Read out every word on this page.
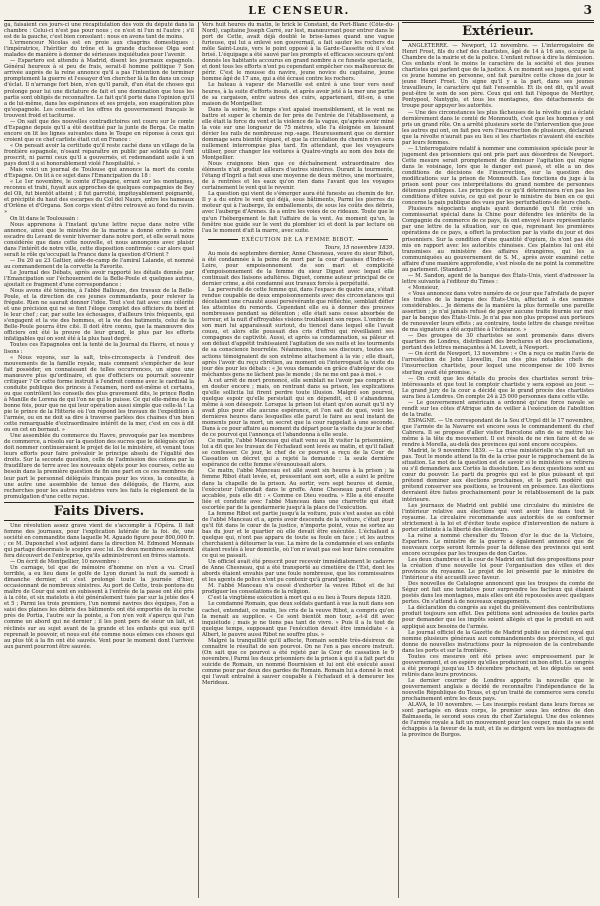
LE CENSEUR.	3

ga, faisaient ces jours-ci une récapitulation des voix du député dans la chambre : Celui-ci n'est pas pour nous ; ce n'est ni l'un ni l'autre ; s'il est de la gauche, c'est bien consolant : nous en avons tant de moins.

L'ermenceur Nicolas est en proie aux chagrins domestiques : l'impératrice, l'héritier du trône et la grande duchesse Olga sont malades de manière à donner de sérieuses inquiétudes pour l'avenir.

— Espartero est attendu à Madrid, disent les journaux espagnols. Général heureux à si peu de frais, serait-il homme politique ? Son arrivée auprès de la reine annonce qu'il a pas l'intention de terminer promptement la guerre et l'essayer d'en chercher là la fin dans un coup d'éclat. Il n'arrange fort bien, n'en qu'il paraît, d'un état de choses qui prolonge pour lui une dictature de fait et une domination que tous les partis sont obligés de reconnaître. Le fait qu'il porte dans l'opinion qu'il a de lui-même, dans les espérances et ses projets, son exagération plus qu'espagnole. Les conseils et les offres du gouvernement français le trouvent froid et taciturne.

— On sait que des nouvelles contradictoires ont couru sur le comte d'Espagne depuis qu'il a été destitué par la junte de Berga. Ce matin encore on lit les lignes suivantes dans le Toupe en réponse à ceux qui croient que ce chef carliste était cut en France :

« On pensait avoir la certitude qu'il reste caché dans un village de la frontière espagnole, n'osant reparaître en public par soldats qui l'ont proscrit, ni parmi ceux qu'il a gouvernés, et redemandant asile à un pays dont il a si honorablement violé l'hospitalité. »

Mais voici un journal de Toulouse qui annonce la mort du comte d'Espagne. On lit à ce sujet dans l'Emancipation du 18 :

« Le 1er novembre, le comte d'Espagne, errant sur les montagnes, reconnu et trahi, fuyait aux approches de quelques compagnies de Bey del Oli, fut bientôt atteint ; il fut garrotté, impitoyablement poignardé, et précipité du haut des escarpes du Col del Naurs, entre les hameaux d'Orlène et d'Organa. Son corps vient d'être retrouvé au fond du ravin. »

On lit dans le Toulousain :

Nous apprenons à l'instant qu'une lettre reçue dans notre ville annonce, ainsi que le ministre de la marine a donné ordre à notre escadre du Levant de venir hiverner dans notre port, et elle serait nous considérée que dans cette nouvelle, et nous annonçons avec plaisir dans l'intérêt de notre ville, cette disposition confirmée : car alors quel serait le rôle qu'occupait la France dans la question d'Orient ?

— Du 20 au 23 Galtier, aide-de-camp de l'amiral Lalande, et nommé au commandement de la corvette la Favorite.

Le Journal des Débats, après avoir rapporté les détails donnés par l'Emancipation sur l'échouement de la Belle-Poule et quelques autres, ajoutait ce fragment d'une correspondance :

Nous avons été témoins, à l'abbé Ballouze, des travaux de la Belle-Poule, et la direction de ces jeunes commandants, pour relever la frégate. Rien ne saurait donner l'idée. Tout s'est fait avec une célérité et une précision qui ne se font l'éloge complet des officiers du bord et le leur chef ; car, par suite les échouages, d'ailleurs très fréquents, qui s'engagent et la vie des hommes, et la vie des batiments, celui de la Belle-Poule pourra être cité. Il doit être connu, que la manœuvre des officiers ont été la preuve de leur grand, le plus par les efforts infatigables qui on sont été à la plus haut degré.

Toutes ces Espagnoles ont la tenté de la Journal du Havre, et nous y lisons :

« Nous voyons, sur la salt, très-circonspects à l'endroit des mouvements de la famille royale, mais comment s'empêcher de leur fait posséder, en connaissant de telles occurrences, un signe une manœuvre plus qu'ordinaire, et que d'officiers ou pourrait souvenir critiquer ? Or cette forme instruit à l'endroit comme avec le cardinal la conduite publique des princes à l'examen, nord est-même et certains, ou que contrôlent les conseils des plus gravement dits, le prince Rodin à Manille de Lorena de qui l'on ne qui le puisse. Ce qui elle-même de la bonne fois, pour que ne qui leur opération aussi simple que celle-là ! La pie le prince de la Hitterie où l'on répond les travaux de l'expédition à l'armée, ou en ne doit sa dire à traverse parlées des chaines d'un bien cette remarquable d'extraordinaire intérêt de la mer, c'est en ces à dit ou en cet en bornaut. »

Une assemblée du commerce du Havre, provoquée par les membres de commerce, a résolu sur la question des sucres que le délégués qu'on doit nommer continueraient le projet de loi le ministère, et venant tous leurs efforts pour faire prévaloir le principe absolu de l'égalité des droits. Sur la seconde question, celle de l'admission des colons par la fraudillure de terre avec les nouveaux objets pour les courses, cette au besoin dans la première question de fin une part en ce ces membres de leur part le personnel délégués français pour les vices, la consulte, à une autre une assemblée de tenue des délégués, de Havre, aux recherches pour les autres ministres vers les faits le règlement de la promulgation d'une cette reçue.

Faits Divers.

Une révolution assez grave vient de s'accomplir à l'Opéra. Il fait femme des journaux, pour l'explication latérale de la foi. de, une société en commandite dans laquelle M. Aguado figure pour 800,000 fr. ; ce M. Duponchel s'est adjoint dans la direction M. Edmond Monnais qui partage désormais le sceptre avec lui. De deux membres seulement fera découvert de l'entreprise, qu'ils administreront en frères siamois.

— On écrit de Montpellier, 10 novembre :

Un carnage, tel que de mémoire d'homme on n'en a vu. Cruel terrible, a eu lieu dans le golfe de Lyon durant la nuit du samedi à dimanche dernier, et s'est prolongé toute la journée d'hier, occasionnant de nombreux sinistres. Au port de Cette, trois pontons du maître de Cour qui sont en subissent à l'entrée de la passe ont été pris à la côte, et six matelots à été généralement tués par sur la jetée des 4 et 5 ; Parmi les trois premiers, l'un nommé navires des équipes, l'on a saisi des plaines les débris des bâtiments ont été emportés de la roche près de Portia, l'autre sur la pointe, a l'on n'en voit s'aperçu qui l'un comme un abord qui ne dernier ; il les pont pers de sieur un lait, et réclinés sur au sujet avant de la grande et les enfants qui eux qu'il reprenait le pouvoir, et nous eut été comme nous eûmes ces choses qui au plus tôt à la fin ont été sauvés. Vent pour le moment dont l'arrivée aux parent pourront être sauvée.

Vers huit heures du matin, le brick le Constant, de Port-Blanc (Côte-du-Nord), capitaine Joseph Carré, sur lest, manœuvrant pour entrer dans le port de Cette, avait déjà doublé le brise-lames quand une vague furieuse, qui lui a enlevé son gouvernail, a fait sauter les rochers du môle Saint-Louis, vers le point opposé à la Garde-Cassette où il s'est brisé. L'équipage a été sauvé par les prompts et efficaces secours qu'ont donnés les habitants accourus en grand nombre à ce funeste spectacle, et dont tous les efforts n'ont pu cependant empêcher ces malheureux de périr. C'est le mousse du navire, jeune novice du capitaine, jeune homme âgé de 17 ans, qui a été écrasé contre les rochers.

Le bateau à vapeur de Marseille est entré à une tour vers neuf heures, à la suite d'efforts inouïs, et après avoir jeté à la mer une partie de sa cargaison, entre autres des cuirs, appartenant, dit-on, à une maison de Montpellier.

Dans la soirée, le temps s'est apaisé insensiblement, et le vent ne battre et super le chemin de fer près de l'entrée de l'établissement, a elle était la force du vent et la violence de la vague, qu'après avoir miné la voie sur une longueur de 75 mètres, elle l'a éloignée en laissant dévier les rails de nombreuse rep.-sage. Heureusement que ce dernier dommage sera bientôt réparé, et que la circulation du chemin n'en sera nullement interrompue plus tard. En attendant, que les voyageurs utiliser, pour changer les voitures à Quatre-vingts au nom des bois de Montpellier.

Nous craignons bien que ce déchaînement extraordinaire des éléments n'ait produit ailleurs d'autres sinistres. Durant la tourmente, l'étang d'Ingril a fait sous une moyenne de deux mètres, une mortuaire, de à rentrées et les eaux qu'on rien dans l'avant que les voyages certainement le vent qui le revenir.

La question qui vient de s'émerger aura été funeste au chemin de fer. Il y a du entre le vent qui déjà, sous bâtiments, Parmi les pierres du moteur qui à l'auberge, ils emballements, de sous les coûts des débris, avec l'auberge d'Arenes. ils a entre les voies de ce rideaux. Toute que le qu'un l'hébergement le fait l'affaire de la vent. Au moment qu'un, la fenêtre nue guide sur le vent du plombier ici et dont la par lecture où l'au le moment d'ait la marre, avec suite.

EXÉCUTION DE LA FEMME BIBOT.

Tours, 15 novembre 1839.

Au mois de septembre dernier, Anne Chesneau, veuve du sieur Ribot, a été condamnée à la peine de mort par la cour d'assises d'Indre-et-Loire, pour empoisonnement de son mari et complicité d'empoisonnement de la femme du sieur Diguet avec lequel elle continuait des liaisons adultères. Diguet, comme auteur principal de ce dernier crime, a été condamné aux travaux forcés à perpétuité.

La perversité de cette femme qui, dans l'espace de quatre ans, s'était rendue coupable de deux empoisonnements avec des circonstances qui décelaient une cruauté aussi persévérante que réfléchie, semblait défier les atteintes du remords. Cependant elle eu à donner des preuves nombreuses pendant sa détention ; elle était sans cesse absorbée de terreur, et la nuit d'effroyables visions troublaient son repos. L'ombre de son mari lui apparaissait surtout, du tiencel dans lequel elle l'avait cousu, et alors elle poussait des cris d'effroi qui réveillaient ses compagnes de captivité. Aussi, et après sa condamnation, sa pâleur et son défaut d'appétit trahissaient l'agitation de ses nuits et les tourments de sa conscience bourrelée. Néanmoins, tous ses discours, toutes ses actions témoignaient de son extrême attachement à la vie ; elle disait, après l'avoir du reçu chrétien, au moment où l'interrogeait la visite du jour dès pour les débats : « Je vous demande en grâce d'abréger de ces méchantes gens ne lâchent pas le monde ; ils ne me ont pas à moi. »

À cet arrêt de mort prononcé, elle semblait ne l'avoir pas compris et en douter encore ; mais, on rentrant dans sa prison, les explications qu'elle sollicita lui firent perdre toute illusion. Malgré son pourvoi, quelque espoir qu'elle persistait qui en dépendit, et il s'abandonna même à son désespoir. Lorsque la prison lui étant qu'on aurait qu'il n'y avait plus pour elle aucune espérance, et l'on sait de quoi, voici les dernières heures dans lesquelles elle parut le faire au seul instant de moments pour la mort, un secret que la cour rappelait à une seconde. Dans à ce pour affaire au moment du départ pour la visite du jour le chef de ce pourvoi qui l'annonça et l'abandonna à elle seule.

Ce matin, l'abbé Manceau qui était venu au lit visiter la prisonnière, lui a dit que les travaux de l'échafaud sont levés au matin, et qu'il fallait se confesser. Ce jour, le chef de ce pourvoi a reçu de la Cour de Cassation un décret qui a rejeté la demande : la seule dernière espérance de cette femme s'évanouissait alors.

Ce matin, l'abbé Manceau est allé avant six heures à la prison ; la femme Ribot était levée, et, pressentant son sort, elle a suivi le prêtre dans la chapelle de la prison. Au sortir, vers sept heures et demie, l'exécuteur l'attendait dans le greffe. Anne Chesneau parut d'abord accablée, puis elle dit : « Comme ce Dieu voudra. » Elle a été ensuite liée et conduite avec l'abbé Manceau dans une charrette qui était escortée par de la gendarmerie jusqu'à la place de l'exécution.

La femme Ribot est partie jusqu'à la voiture, puis s'est assise au côté de l'abbé Manceau et a, après avoir descendu de la voiture, c'était pour qu'il fût dans le cœur de la justice, n'importe point, vous ne sortez au bas du jour et le quartier où elle devait être exécutée. L'échafaud à quelque qui, n'ont pas apparu de toute sa foule en face ; et les autres cherchaient à détourner la vue. La mère de la condamnée et ses enfants étaient restés à leur domicile, où l'on n'avait pas osé leur faire connaître ce qui se passait.

Un officiel avait été prescrit pour recevoir immédiatement le cadavre de Anne Chesneau, qui a été transporté au cimetière de l'Est, dont les abords étaient envahis par une foule nombreuse, que les commissaires et les agents de police n'ont pu contenir qu'à grand'peine.

M. l'abbé Manceau n'a cessé d'exhorter la veuve Ribot et de lui prodiguer les consolations de la religion.

C'est la vingtième exécution à mort qui a eu lieu à Tours depuis 1820.

Le condamné Romain, que deux soldats gardant à vue la nuit dans son cachot, entendait, ce matin, les cris de la veuve Ribot, a compris qu'on la menait au supplice. « Ce sont bientôt mon tour, a-t-il dit avec inquiétude ; mais je ne tiens pas tant de vivre. » Puis il a lu tout de quelque temps, supposant que l'exécution devait être immédiate « à Albert, le pauvre aussi Ribot ne souffre plus. »

Malgré la tranquillité qu'il affecte, Romain semble très-désireux de connaître le résultat de son pourvoi. On ne l'en a pas encore instruit. (On sait que ce pourvoi a été rejeté par la Cour de cassation le 9 novembre.) Parmi les deux prisonniers de la prison à qui il a fait part du suicide de Romain, un nommé Bournisien et lui ont été exécuté aussi comme pour par deux des gardes de Romain. Romain lui a donné le mot qui l'avait entraîné à sauver coupable à l'échafaud et à demeurer les Merideau.

Extérieur.

ANGLETERRE. — Newport, 12 novembre. — L'interrogatoire de Henri Frost, fils du chef des chartistes, âgé de 14 à 16 ans, occupe la Chambre de la mairie et de la police. L'enfant refuse à dire la démission. Ces enfants n'ont le moins le caractère de la société et des jeunes chartistes qui parlent que de la justice. À ce moment ses juges, qui sont ce jeune homme en personne, ont fait paraître cette chose du jour le jeune Henri Frost. Un signe qu'il y a la part, dans ses jeunes travailleurs, le caractère qui fait l'ensemble. Et ils ont dit, qu'il avait peut-être le soin de son père. Ceux qui ont fait l'époque de Merthyr, Pontypool, Nantyglo, et tous les montagnes, des détachements de troupe pour appuyer les autorités.

— Une des circonstances les plus fâcheuses de la révolte qui a éclaté dernièrement dans le comté de Monmouth, c'est que les hommes y ont pris un grand rôle. On a arrêté plusieurs sorte de l'intervention que joue les autres qui ont, on fait peu vers l'insurrection de plusieurs, déclarant que la révolte n'aurait pas eu lieu si les chartistes n'avaient été excités par leurs femmes.

— L'interrogatoire relatif à nommer une commission spéciale pour le jugement des prisonniers qui ont pris part aux désordres de Newport. Cette mesure serait promptement de diminuer l'agitation qui règne dans le voisinage, lors que le danger est passé, et elle a un des conditions de décisions de l'insurrection, sur la question des modifications sur la prison de Monmouth. Les fonctions du juge à la prison sont pour ces interprétations du grand nombre de personnes détenues publiques. Les principes de ce qu'il déterminera n'en pas les conditions d'être suivis, ce qui est pour le ministre du bien en ce qui concerne la paix publique des vues par les perturbations de leurs chefs.

Plusieurs négociants anglais ayant demandé qu'il fût créé un commissariat spécial dans la Chine pour défendre les intérêts de la Compagnie du commerce de ce pays, ils ont envoyé leurs représentants par une lettre de la situation, sur ce que, reprenant les premières opérations de ce pays, a offert la protection par la visite du jour et des prisonniers. Sur la condition d'une quantité d'opium, ils n'ont pas été mis en rapport avec les autorités chinoises. Ces plaintes lui ont été transmises au ministère des affaires étrangères, qui les a communiquées au gouvernement de S. M., après avoir examiné cette affaire d'une manière approfondie, s'est résolu de ne point la commettre au parlement. (Standard.)

— M. Sandon, agent de la banque des États-Unis, vient d'adresser la lettre suivante à l'éditeur du Times :

« Monsieur,

« Vous annoncez dans votre numéro de ce jour que l'afrsfaits de payer les traites de la banque des États-Unis, affectant à des sommes considérables... Je démens de la manière la plus formelle une pareille assertion ; je n'ai jamais refusé de payer aucune traite fournie sur moi par la banque des États-Unis. Je n'ai pas non plus proposé aux porteurs de renouveler leurs effets ; au contraire, toute lettre de change revêtue de ma signature a été acquittée à l'échéance. »

— Des groupes de 30 chartistes se sont promenés dans divers quartiers de Londres, distribuant des brochures et des proclamations, portant des lettres menaçantes à M. Lovett, à Newport.

— On écrit de Newport, 13 novembre : « On a reçu ce matin l'avis de l'arrestation de John Llewellin, l'un des plus notables chefs de l'insurrection chartiste, pour lequel une récompense de 100 livres sterling avait été promise. »

— On croit que les détails du procès des chartistes seront très-intéressants et que tout le comptoir chartiste y sera exposé au jour. — Le grand jury de la cour a décidé que le grand procès des chartistes aura lieu à Londres. On compte 24 à 25 000 personnes dans cette ville.

— Le gouvernement américain a ordonné qu'une force navale se rendît sur les côtes d'Afrique afin de veiller à l'exécution de l'abolition de la traite.

ESPAGNE. — Un correspondant de la Sou d'Urgel dit le 17 novembre, que l'armée de la Navarre est encore sous le commandement du chef Cabrera. Il se propose d'aller visiter Barcelone afin de se mettre lui-même à la tête du mouvement. Il est résolu de ne rien faire et de se rendre à Morella, au-delà des provinces qui sont encore occupées.

Madrid, le 9 novembre 1839. — La crise ministérielle n'a pas fait un pas. Tout le monde attend la fin de la crise pour le rapprochement de la situation. Le mot de la question est de savoir si le ministère se retirera ou s'il demandera aux Cortès la dissolution. Les deux questions sont au cœur du pouvoir. Le parti du progrès qui est le plus puissant et qui prétend dominer aux élections prochaines, et le parti modéré qui prétend conserver ses positions, se trouvent en présence. Les élections devraient être faites prochainement pour le rétablissement de la paix intérieure.

Les journaux de Madrid ont publié une circulaire du ministre de l'intérieur relative aux élections qui vont avoir lieu dans tout le royaume. La circulaire recommande aux autorités de se conformer strictement à la loi et d'éviter toute espèce d'intervention de nature à porter atteinte à la liberté des électeurs.

La reine a nommé chevalier du Toison d'or le duc de la Victoire, Espartero. Le ministre de la guerre a également annoncé que de nouveaux corps seront formés pour la défense des provinces qui sont encore occupées par les troupes de don Carlos.

Les deux chambres et la cour de Madrid ont fait des propositions pour la création d'une nouvelle loi pour l'organisation des villes et des provinces du royaume. Le projet de loi présenté par le ministre de l'intérieur a été accueilli avec faveur.

Des nouvelles de Catalogne annoncent que les troupes du comte de Ségur ont fait une tentative pour surprendre les factieux qui étaient postés dans les montagnes, mais elles ont été repoussées avec quelques pertes. On s'attend à de nouveaux engagements.

La déclaration du congrès au sujet du prélèvement des contributions produit toujours son effet. Des pétitions sont adressées de toutes parts pour demander que les impôts soient allégés et que le produit en soit appliqué aux besoins de l'armée.

Le journal officiel de la Gazette de Madrid publie un décret royal qui nomme plusieurs généraux aux commandements des provinces, et qui donne de nouvelles instructions pour la répression de la contrebande dans les ports et sur la frontière.

Toutes ces mesures ont été prises avec empressement par le gouvernement, et on espère qu'elles produiront un bon effet. Le congrès a été prorogé jusqu'au 15 décembre prochain, et les députés se sont retirés dans leurs provinces.

Le dernier courrier de Londres apporte la nouvelle que le gouvernement anglais a décidé de reconnaître l'indépendance de la nouvelle République du Texas, et qu'un traité de commerce sera conclu prochainement entre les deux pays.

ALAVA, le 10 novembre. — Les insurgés restant dans leurs forces se sont partagés en deux corps, le premier sous les ordres de don Balmaseda, le second sous ceux du chef Zariategui. Une des colonnes de l'armée royale a fait un mouvement pour les couper, mais ils se sont échappés à la faveur de la nuit, et ils se dirigent vers les montagnes de la province de Burgos.
